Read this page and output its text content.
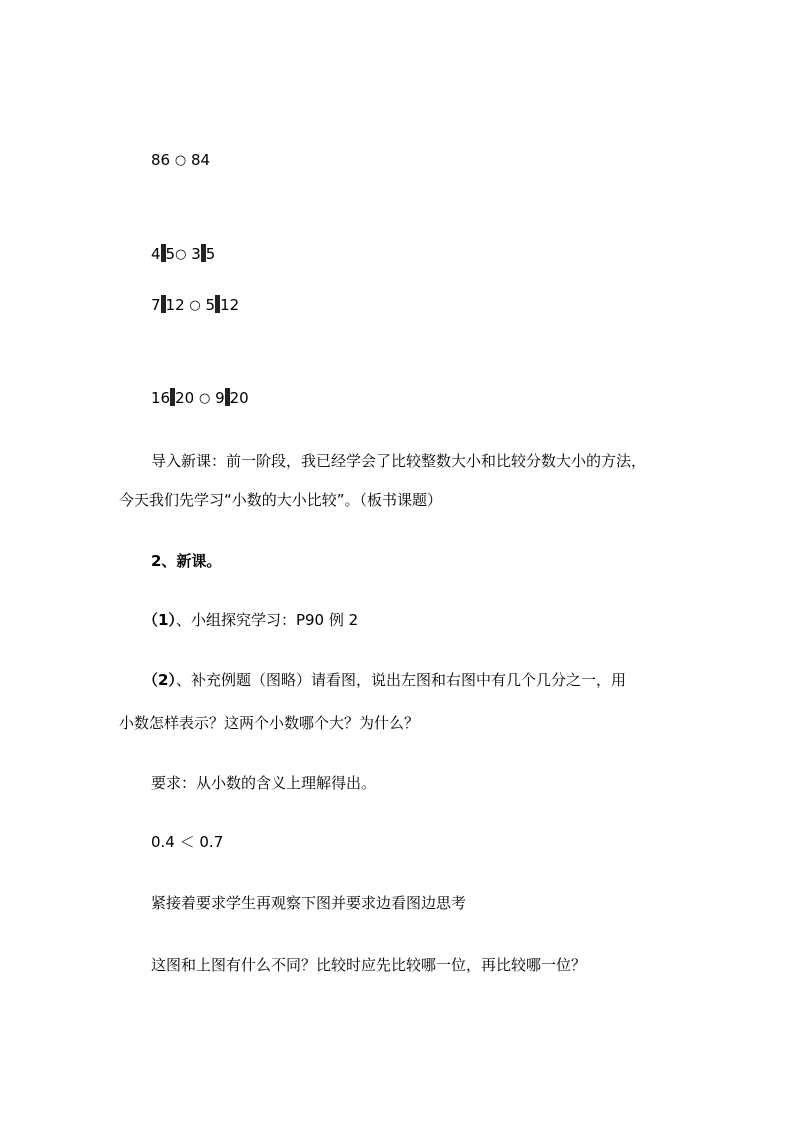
86 ○ 84
4 5○ 3 5
7 12 ○ 5 12
16 20 ○ 9 20
导入新课：前一阶段，我已经学会了比较整数大小和比较分数大小的方法，
今天我们先学习“小数的大小比较”。（板书课题）
2、新课。
（1）、小组探究学习：P90 例 2
（2）、补充例题（图略）请看图，说出左图和右图中有几个几分之一，用
小数怎样表示？这两个小数哪个大？为什么？
要求：从小数的含义上理解得出。
0.4 ＜ 0.7
紧接着要求学生再观察下图并要求边看图边思考
这图和上图有什么不同？比较时应先比较哪一位，再比较哪一位？
